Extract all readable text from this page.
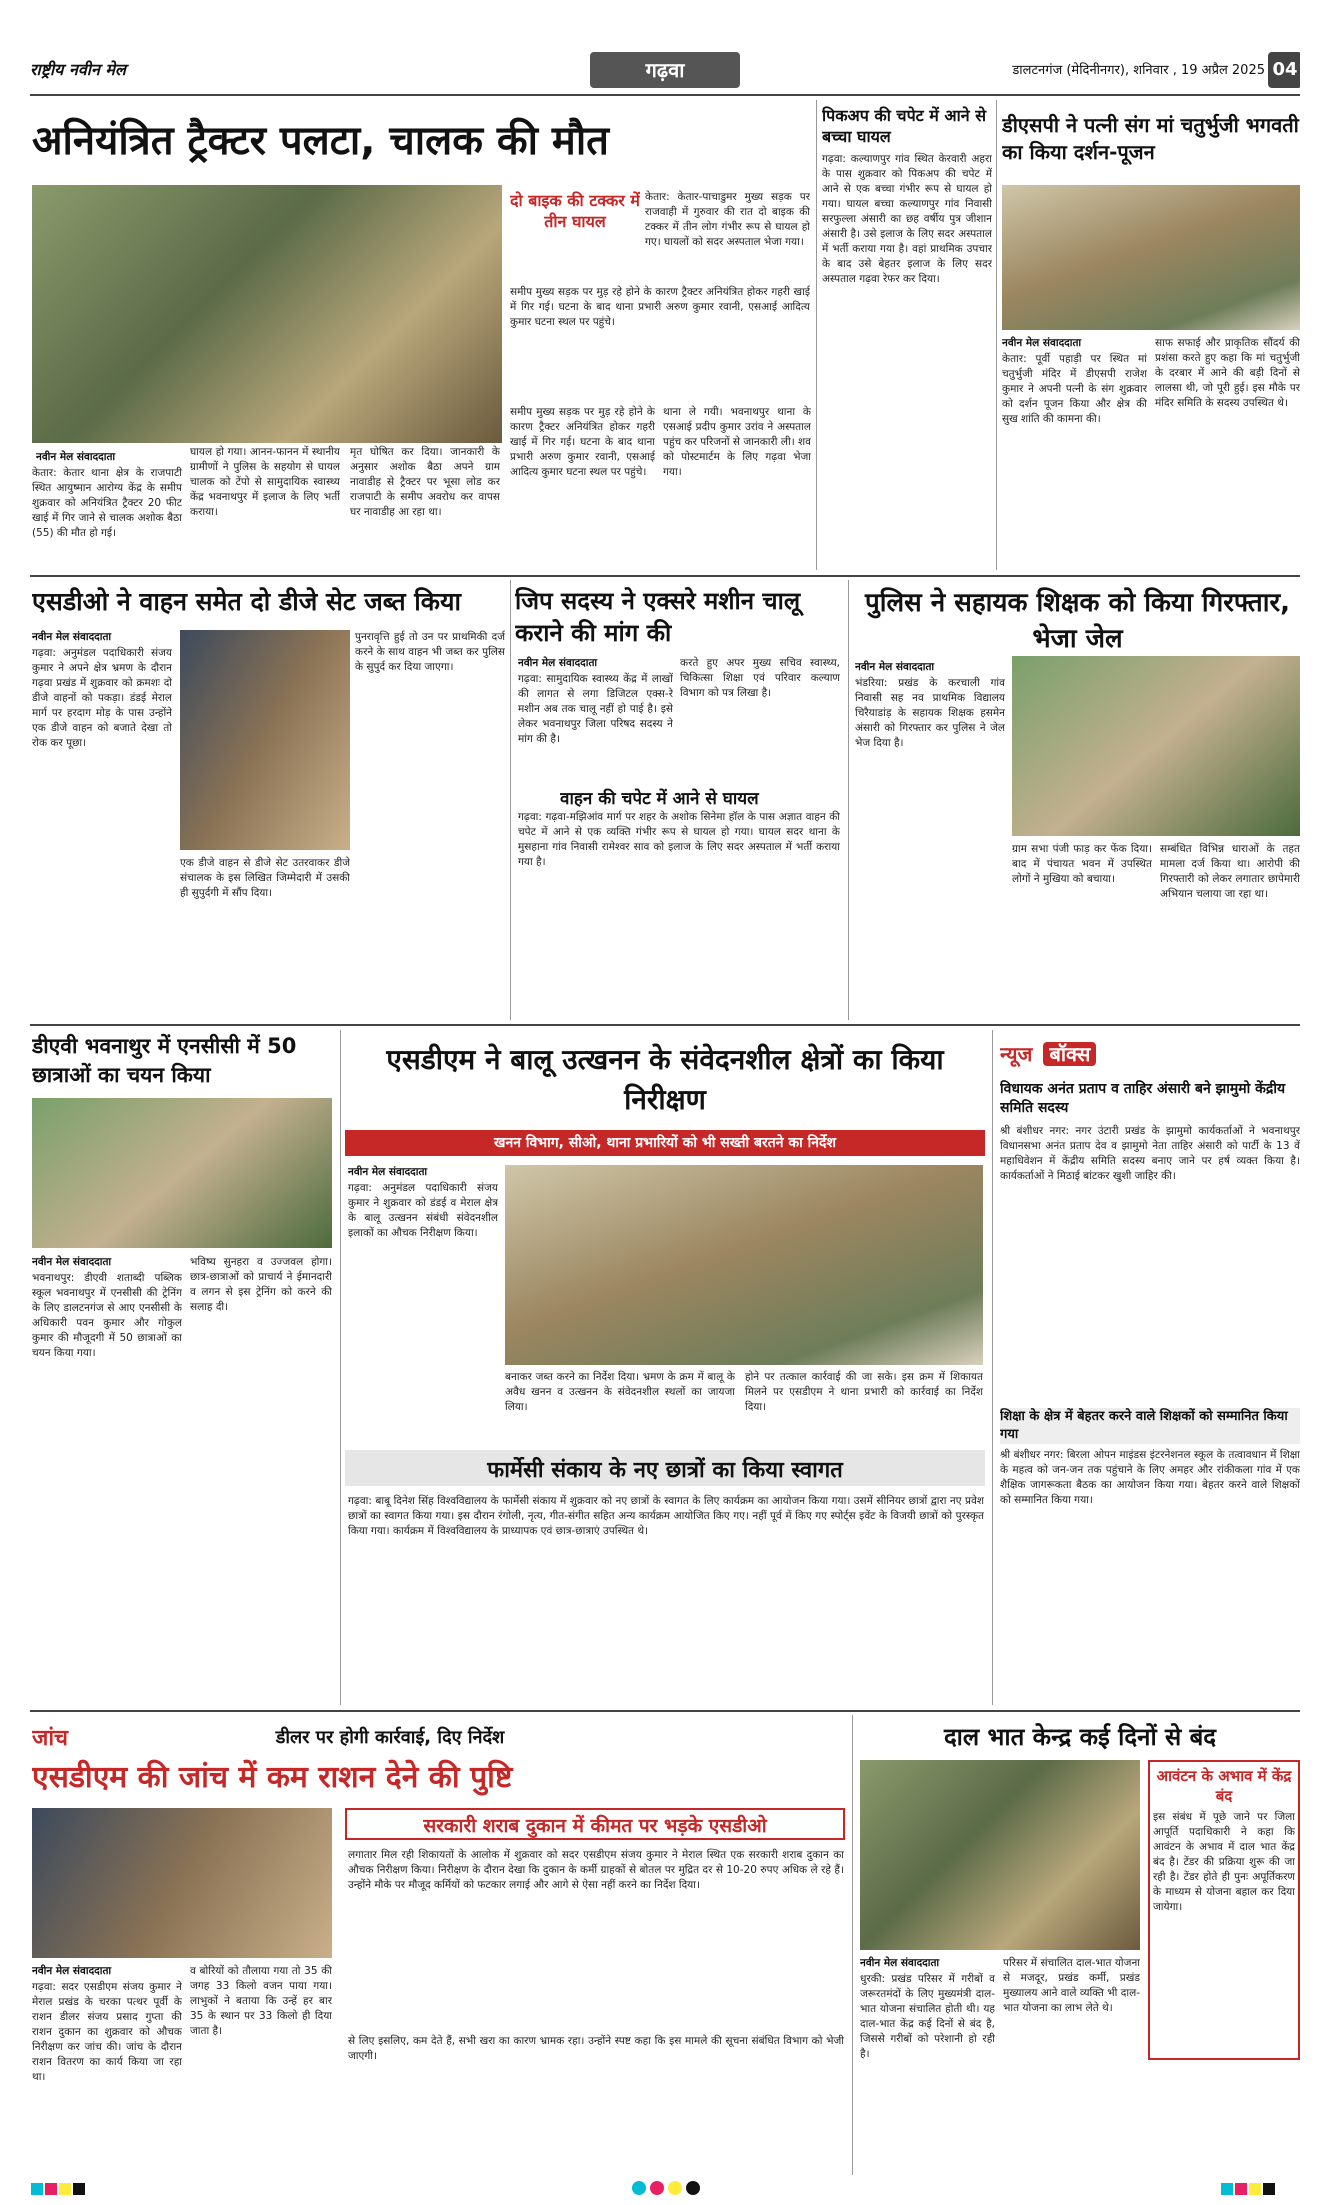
राष्ट्रीय नवीन मेल	गढ़वा	डालटनगंज (मेदिनीनगर), शनिवार , 19 अप्रैल 2025 04
अनियंत्रित ट्रैक्टर पलटा, चालक की मौत
दो बाइक की टक्कर में तीन घायल
केतार: केतार-पाचाडुमर मुख्य सड़क पर राजवाही में गुरुवार की रात दो बाइक की टक्कर में तीन लोग गंभीर रूप से घायल हो गए। घायलों को सदर अस्पताल भेजा गया।
समीप मुख्य सड़क पर मुड़ रहे होने के कारण ट्रैक्टर अनियंत्रित होकर गहरी खाई में गिर गई। घटना के बाद थाना प्रभारी अरुण कुमार रवानी, एसआई आदित्य कुमार घटना स्थल पर पहुंचे।
नवीन मेल संवाददाता
केतार: केतार थाना क्षेत्र के राजपाटी स्थित आयुष्मान आरोग्य केंद्र के समीप शुक्रवार को अनियंत्रित ट्रैक्टर 20 फीट खाई में गिर जाने से चालक अशोक बैठा (55) की मौत हो गई।
घायल हो गया। आनन-फानन में स्थानीय ग्रामीणों ने पुलिस के सहयोग से घायल चालक को टेंपो से सामुदायिक स्वास्थ्य केंद्र भवनाथपुर में इलाज के लिए भर्ती कराया।
मृत घोषित कर दिया। जानकारी के अनुसार अशोक बैठा अपने ग्राम नावाडीह से ट्रैक्टर पर भूसा लोड कर राजपाटी के समीप अवरोध कर वापस घर नावाडीह आ रहा था।
समीप मुख्य सड़क पर मुड़ रहे होने के कारण ट्रैक्टर अनियंत्रित होकर गहरी खाई में गिर गई। घटना के बाद थाना प्रभारी अरुण कुमार रवानी, एसआई आदित्य कुमार घटना स्थल पर पहुंचे।
थाना ले गयी। भवनाथपुर थाना के एसआई प्रदीप कुमार उरांव ने अस्पताल पहुंच कर परिजनों से जानकारी ली। शव को पोस्टमार्टम के लिए गढ़वा भेजा गया।
पिकअप की चपेट में आने से बच्चा घायल
गढ़वा: कल्याणपुर गांव स्थित केरवारी अहरा के पास शुक्रवार को पिकअप की चपेट में आने से एक बच्चा गंभीर रूप से घायल हो गया। घायल बच्चा कल्याणपुर गांव निवासी सरफुल्ला अंसारी का छह वर्षीय पुत्र जीशान अंसारी है। उसे इलाज के लिए सदर अस्पताल में भर्ती कराया गया है। वहां प्राथमिक उपचार के बाद उसे बेहतर इलाज के लिए सदर अस्पताल गढ़वा रेफर कर दिया।
डीएसपी ने पत्नी संग मां चतुर्भुजी भगवती का किया दर्शन-पूजन
नवीन मेल संवाददाता
केतार: पूर्वी पहाड़ी पर स्थित मां चतुर्भुजी मंदिर में डीएसपी राजेश कुमार ने अपनी पत्नी के संग शुक्रवार को दर्शन पूजन किया और क्षेत्र की सुख शांति की कामना की।
साफ सफाई और प्राकृतिक सौंदर्य की प्रशंसा करते हुए कहा कि मां चतुर्भुजी के दरबार में आने की बड़ी दिनों से लालसा थी, जो पूरी हुई। इस मौके पर मंदिर समिति के सदस्य उपस्थित थे।
एसडीओ ने वाहन समेत दो डीजे सेट जब्त किया
नवीन मेल संवाददाता
गढ़वा: अनुमंडल पदाधिकारी संजय कुमार ने अपने क्षेत्र भ्रमण के दौरान गढ़वा प्रखंड में शुक्रवार को क्रमशः दो डीजे वाहनों को पकड़ा। डंडई मेराल मार्ग पर हरदाग मोड़ के पास उन्होंने एक डीजे वाहन को बजाते देखा तो रोक कर पूछा।
एक डीजे वाहन से डीजे सेट उतरवाकर डीजे संचालक के इस लिखित जिम्मेदारी में उसकी ही सुपुर्दगी में सौंप दिया।
पुनरावृत्ति हुई तो उन पर प्राथमिकी दर्ज करने के साथ वाहन भी जब्त कर पुलिस के सुपुर्द कर दिया जाएगा।
जिप सदस्य ने एक्सरे मशीन चालू कराने की मांग की
नवीन मेल संवाददाता
गढ़वा: सामुदायिक स्वास्थ्य केंद्र में लाखों की लागत से लगा डिजिटल एक्स-रे मशीन अब तक चालू नहीं हो पाई है। इसे लेकर भवनाथपुर जिला परिषद सदस्य ने मांग की है।
करते हुए अपर मुख्य सचिव स्वास्थ्य, चिकित्सा शिक्षा एवं परिवार कल्याण विभाग को पत्र लिखा है।
वाहन की चपेट में आने से घायल
गढ़वा: गढ़वा-मझिआंव मार्ग पर शहर के अशोक सिनेमा हॉल के पास अज्ञात वाहन की चपेट में आने से एक व्यक्ति गंभीर रूप से घायल हो गया। घायल सदर थाना के मुसहाना गांव निवासी रामेश्वर साव को इलाज के लिए सदर अस्पताल में भर्ती कराया गया है।
पुलिस ने सहायक शिक्षक को किया गिरफ्तार, भेजा जेल
नवीन मेल संवाददाता
भंडरिया: प्रखंड के करचाली गांव निवासी सह नव प्राथमिक विद्यालय चिरैयाडांड़ के सहायक शिक्षक हसमेन अंसारी को गिरफ्तार कर पुलिस ने जेल भेज दिया है।
ग्राम सभा पंजी फाड़ कर फेंक दिया। बाद में पंचायत भवन में उपस्थित लोगों ने मुखिया को बचाया।
सम्बंधित विभिन्न धाराओं के तहत मामला दर्ज किया था। आरोपी की गिरफ्तारी को लेकर लगातार छापेमारी अभियान चलाया जा रहा था।
डीएवी भवनाथुर में एनसीसी में 50 छात्राओं का चयन किया
नवीन मेल संवाददाता
भवनाथपुर: डीएवी शताब्दी पब्लिक स्कूल भवनाथपुर में एनसीसी की ट्रेनिंग के लिए डालटनगंज से आए एनसीसी के अधिकारी पवन कुमार और गोकुल कुमार की मौजूदगी में 50 छात्राओं का चयन किया गया।
भविष्य सुनहरा व उज्जवल होगा। छात्र-छात्राओं को प्राचार्य ने ईमानदारी व लगन से इस ट्रेनिंग को करने की सलाह दी।
एसडीएम ने बालू उत्खनन के संवेदनशील क्षेत्रों का किया निरीक्षण
खनन विभाग, सीओ, थाना प्रभारियों को भी सख्ती बरतने का निर्देश
नवीन मेल संवाददाता
गढ़वा: अनुमंडल पदाधिकारी संजय कुमार ने शुक्रवार को डंडई व मेराल क्षेत्र के बालू उत्खनन संबंधी संवेदनशील इलाकों का औचक निरीक्षण किया।
बनाकर जब्त करने का निर्देश दिया। भ्रमण के क्रम में बालू के अवैध खनन व उत्खनन के संवेदनशील स्थलों का जायजा लिया।
होने पर तत्काल कार्रवाई की जा सके। इस क्रम में शिकायत मिलने पर एसडीएम ने थाना प्रभारी को कार्रवाई का निर्देश दिया।
फार्मेसी संकाय के नए छात्रों का किया स्वागत
गढ़वा: बाबू दिनेश सिंह विश्वविद्यालय के फार्मेसी संकाय में शुक्रवार को नए छात्रों के स्वागत के लिए कार्यक्रम का आयोजन किया गया। उसमें सीनियर छात्रों द्वारा नए प्रवेश छात्रों का स्वागत किया गया। इस दौरान रंगोली, नृत्य, गीत-संगीत सहित अन्य कार्यक्रम आयोजित किए गए। नहीं पूर्व में किए गए स्पोर्ट्स इवेंट के विजयी छात्रों को पुरस्कृत किया गया। कार्यक्रम में विश्वविद्यालय के प्राध्यापक एवं छात्र-छात्राएं उपस्थित थे।
न्यूज बॉक्स
विधायक अनंत प्रताप व ताहिर अंसारी बने झामुमो केंद्रीय समिति सदस्य
श्री बंशीधर नगर: नगर उंटारी प्रखंड के झामुमो कार्यकर्ताओं ने भवनाथपुर विधानसभा अनंत प्रताप देव व झामुमो नेता ताहिर अंसारी को पार्टी के 13 वें महाधिवेशन में केंद्रीय समिति सदस्य बनाए जाने पर हर्ष व्यक्त किया है। कार्यकर्ताओं ने मिठाई बांटकर खुशी जाहिर की।
शिक्षा के क्षेत्र में बेहतर करने वाले शिक्षकों को सम्मानित किया गया
श्री बंशीधर नगर: बिरला ओपन माइंडस इंटरनेशनल स्कूल के तत्वावधान में शिक्षा के महत्व को जन-जन तक पहुंचाने के लिए अमहर और रांकीकला गांव में एक शैक्षिक जागरूकता बैठक का आयोजन किया गया। बेहतर करने वाले शिक्षकों को सम्मानित किया गया।
जांच	डीलर पर होगी कार्रवाई, दिए निर्देश
एसडीएम की जांच में कम राशन देने की पुष्टि
नवीन मेल संवाददाता
गढ़वा: सदर एसडीएम संजय कुमार ने मेराल प्रखंड के चरका पत्थर पूर्वी के राशन डीलर संजय प्रसाद गुप्ता की राशन दुकान का शुक्रवार को औचक निरीक्षण कर जांच की। जांच के दौरान राशन वितरण का कार्य किया जा रहा था।
व बोरियों को तौलाया गया तो 35 की जगह 33 किलो वजन पाया गया। लाभुकों ने बताया कि उन्हें हर बार 35 के स्थान पर 33 किलो ही दिया जाता है।
सरकारी शराब दुकान में कीमत पर भड़के एसडीओ
लगातार मिल रही शिकायतों के आलोक में शुक्रवार को सदर एसडीएम संजय कुमार ने मेराल स्थित एक सरकारी शराब दुकान का औचक निरीक्षण किया। निरीक्षण के दौरान देखा कि दुकान के कर्मी ग्राहकों से बोतल पर मुद्रित दर से 10-20 रुपए अधिक ले रहे हैं। उन्होंने मौके पर मौजूद कर्मियों को फटकार लगाई और आगे से ऐसा नहीं करने का निर्देश दिया।
से लिए इसलिए, कम देते हैं, सभी खरा का कारण भ्रामक रहा। उन्होंने स्पष्ट कहा कि इस मामले की सूचना संबंधित विभाग को भेजी जाएगी।
दाल भात केन्द्र कई दिनों से बंद
आवंटन के अभाव में केंद्र बंद
इस संबंध में पूछे जाने पर जिला आपूर्ति पदाधिकारी ने कहा कि आवंटन के अभाव में दाल भात केंद्र बंद है। टेंडर की प्रक्रिया शुरू की जा रही है। टेंडर होते ही पुनः अपूर्तिकरण के माध्यम से योजना बहाल कर दिया जायेगा।
नवीन मेल संवाददाता
धुरकी: प्रखंड परिसर में गरीबों व जरूरतमंदों के लिए मुख्यमंत्री दाल-भात योजना संचालित होती थी। यह दाल-भात केंद्र कई दिनों से बंद है, जिससे गरीबों को परेशानी हो रही है।
परिसर में संचालित दाल-भात योजना से मजदूर, प्रखंड कर्मी, प्रखंड मुख्यालय आने वाले व्यक्ति भी दाल-भात योजना का लाभ लेते थे।
